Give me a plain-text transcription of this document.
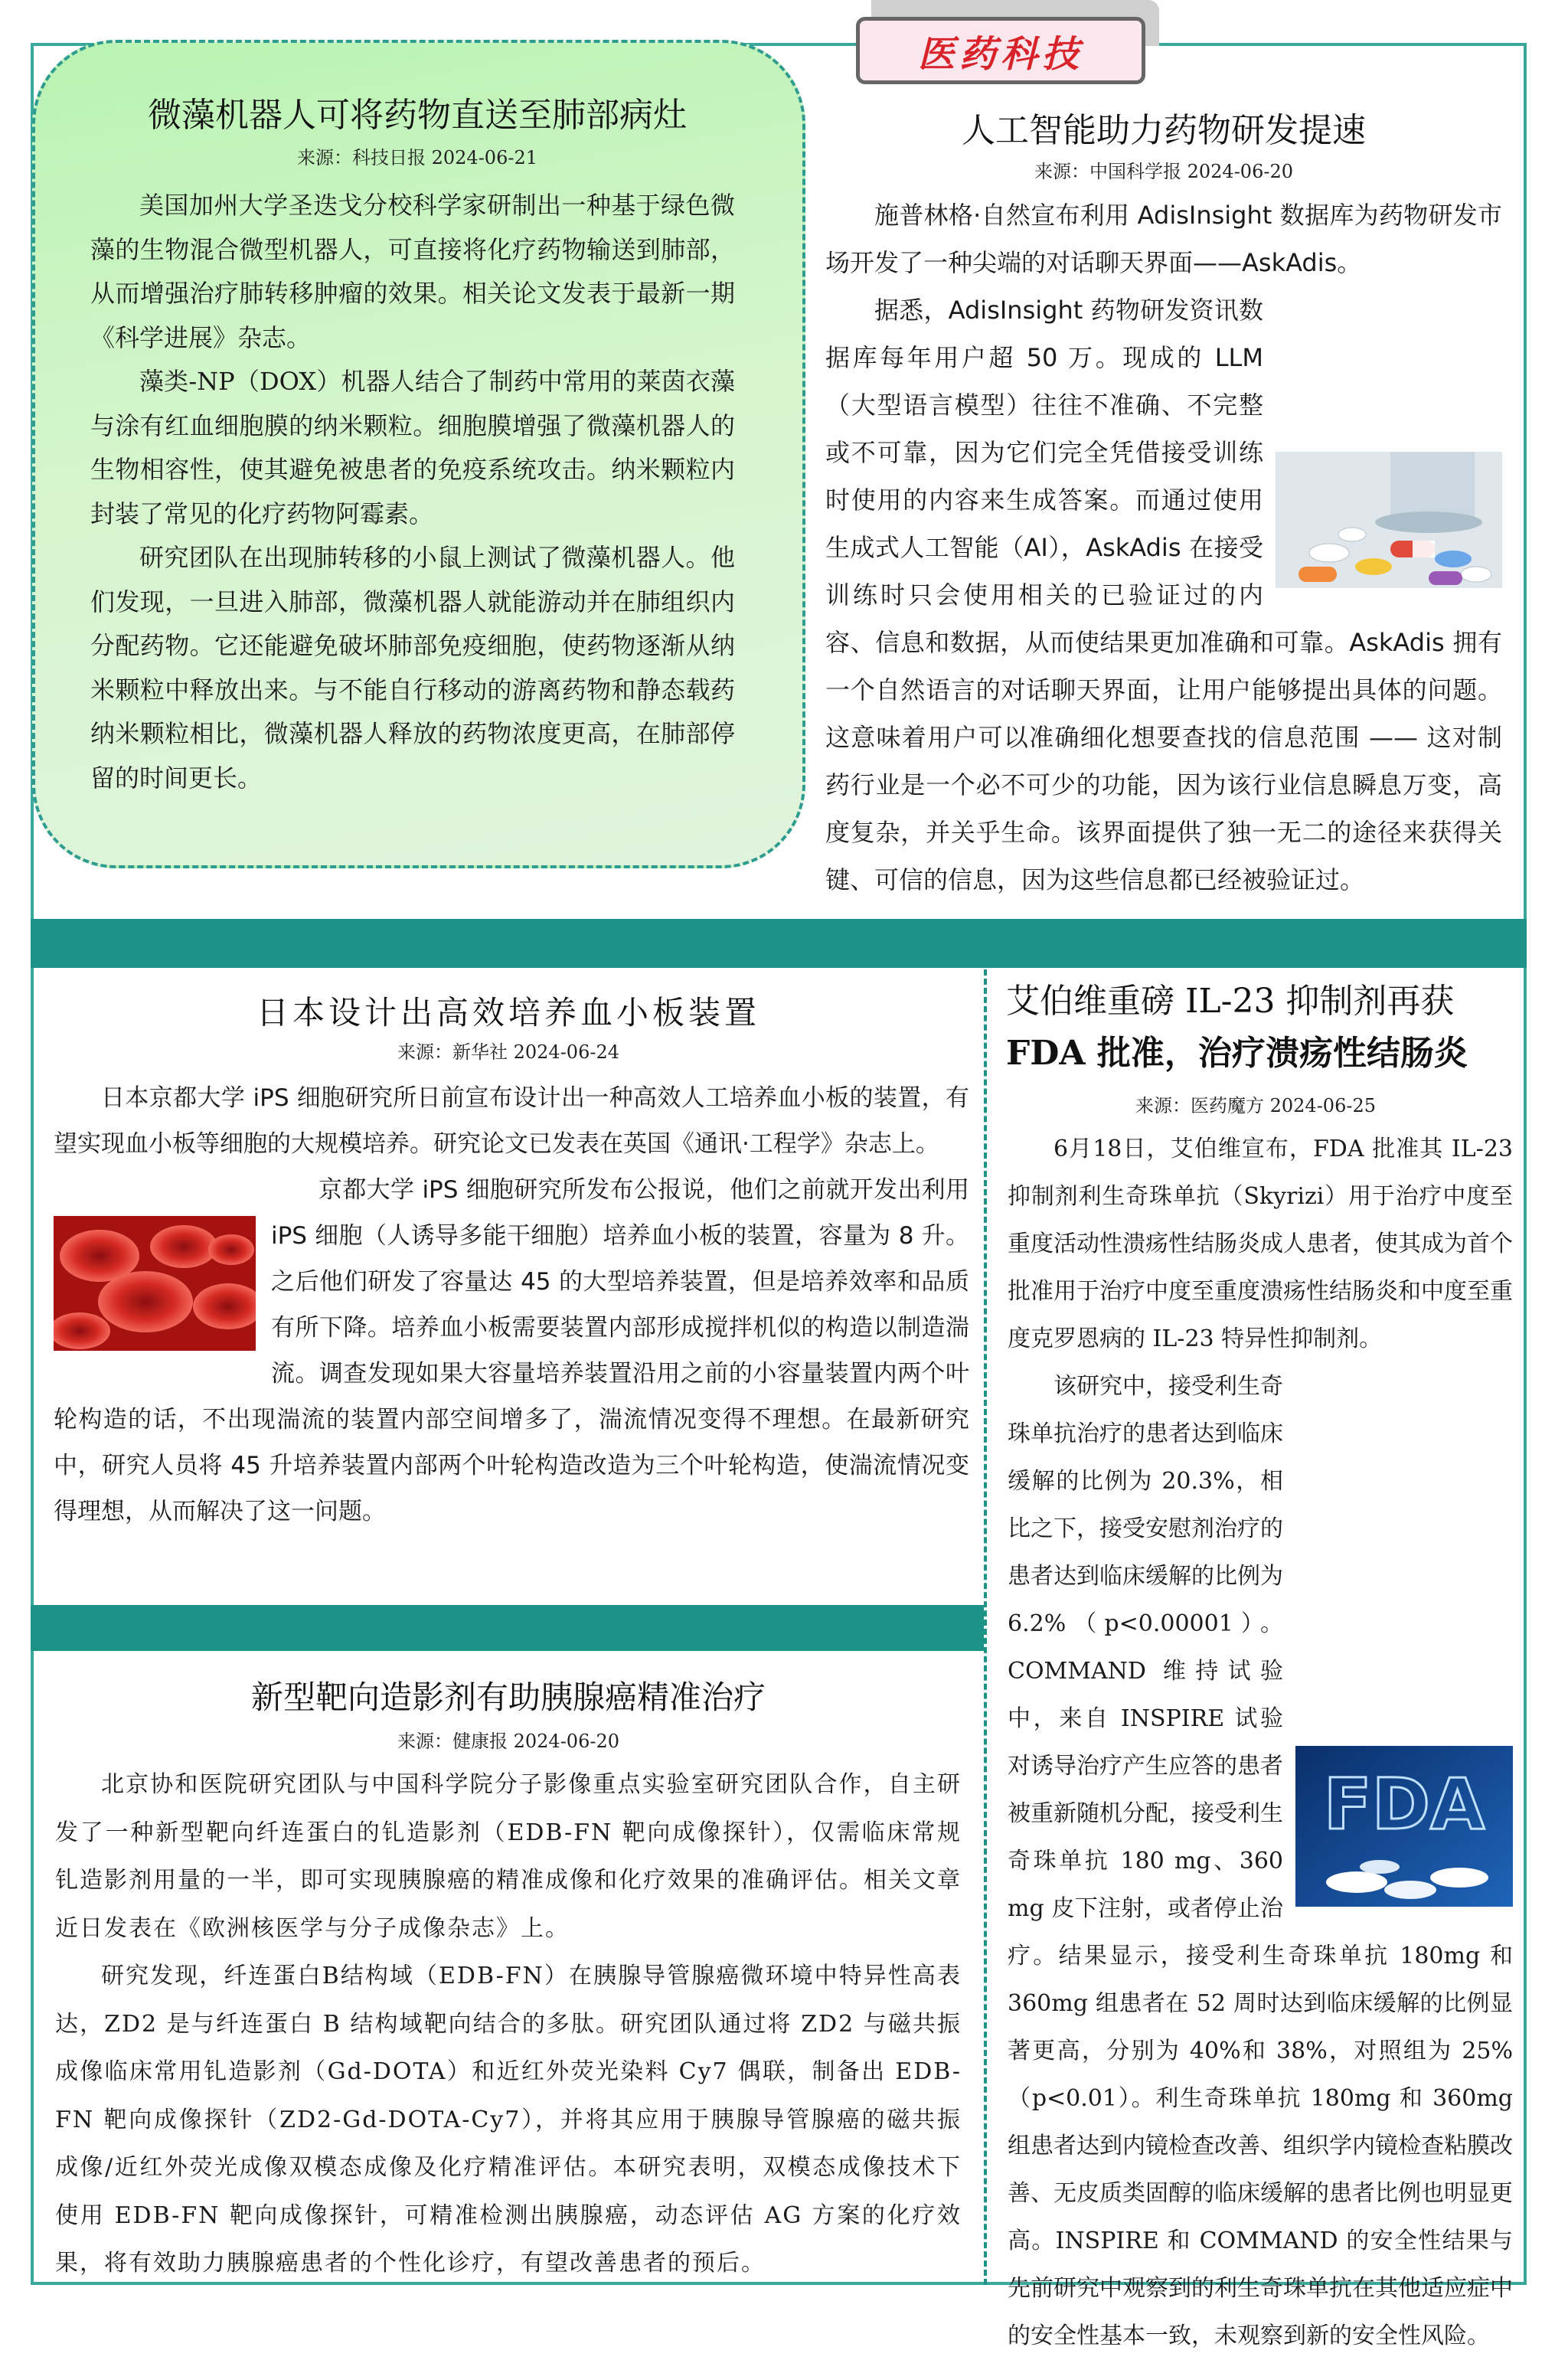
医药科技
微藻机器人可将药物直送至肺部病灶
来源：科技日报 2024-06-21

美国加州大学圣迭戈分校科学家研制出一种基于绿色微藻的生物混合微型机器人，可直接将化疗药物输送到肺部，从而增强治疗肺转移肿瘤的效果。相关论文发表于最新一期《科学进展》杂志。

藻类-NP（DOX）机器人结合了制药中常用的莱茵衣藻与涂有红血细胞膜的纳米颗粒。细胞膜增强了微藻机器人的生物相容性，使其避免被患者的免疫系统攻击。纳米颗粒内封装了常见的化疗药物阿霉素。

研究团队在出现肺转移的小鼠上测试了微藻机器人。他们发现，一旦进入肺部，微藻机器人就能游动并在肺组织内分配药物。它还能避免破坏肺部免疫细胞，使药物逐渐从纳米颗粒中释放出来。与不能自行移动的游离药物和静态载药纳米颗粒相比，微藻机器人释放的药物浓度更高，在肺部停留的时间更长。

人工智能助力药物研发提速
来源：中国科学报 2024-06-20

施普林格·自然宣布利用 AdisInsight 数据库为药物研发市场开发了一种尖端的对话聊天界面——AskAdis。

据悉，AdisInsight 药物研发资讯数据库每年用户超 50 万。现成的 LLM（大型语言模型）往往不准确、不完整或不可靠，因为它们完全凭借接受训练时使用的内容来生成答案。而通过使用生成式人工智能（AI），AskAdis 在接受训练时只会使用相关的已验证过的内容、信息和数据，从而使结果更加准确和可靠。AskAdis 拥有一个自然语言的对话聊天界面，让用户能够提出具体的问题。这意味着用户可以准确细化想要查找的信息范围 —— 这对制药行业是一个必不可少的功能，因为该行业信息瞬息万变，高度复杂，并关乎生命。该界面提供了独一无二的途径来获得关键、可信的信息，因为这些信息都已经被验证过。

日本设计出高效培养血小板装置
来源：新华社 2024-06-24

日本京都大学 iPS 细胞研究所日前宣布设计出一种高效人工培养血小板的装置，有望实现血小板等细胞的大规模培养。研究论文已发表在英国《通讯·工程学》杂志上。

京都大学 iPS 细胞研究所发布公报说，他们之前就开发出利用 iPS 细胞（人诱导多能干细胞）培养血小板的装置，容量为 8 升。之后他们研发了容量达 45 的大型培养装置，但是培养效率和品质有所下降。培养血小板需要装置内部形成搅拌机似的构造以制造湍流。调查发现如果大容量培养装置沿用之前的小容量装置内两个叶轮构造的话，不出现湍流的装置内部空间增多了，湍流情况变得不理想。在最新研究中，研究人员将 45 升培养装置内部两个叶轮构造改造为三个叶轮构造，使湍流情况变得理想，从而解决了这一问题。

新型靶向造影剂有助胰腺癌精准治疗
来源：健康报 2024-06-20

北京协和医院研究团队与中国科学院分子影像重点实验室研究团队合作，自主研发了一种新型靶向纤连蛋白的钆造影剂（EDB-FN 靶向成像探针），仅需临床常规钆造影剂用量的一半，即可实现胰腺癌的精准成像和化疗效果的准确评估。相关文章近日发表在《欧洲核医学与分子成像杂志》上。

研究发现，纤连蛋白B结构域（EDB-FN）在胰腺导管腺癌微环境中特异性高表达，ZD2 是与纤连蛋白 B 结构域靶向结合的多肽。研究团队通过将 ZD2 与磁共振成像临床常用钆造影剂（Gd-DOTA）和近红外荧光染料 Cy7 偶联，制备出 EDB-FN 靶向成像探针（ZD2-Gd-DOTA-Cy7），并将其应用于胰腺导管腺癌的磁共振成像/近红外荧光成像双模态成像及化疗精准评估。本研究表明，双模态成像技术下使用 EDB-FN 靶向成像探针，可精准检测出胰腺癌，动态评估 AG 方案的化疗效果，将有效助力胰腺癌患者的个性化诊疗，有望改善患者的预后。

艾伯维重磅 IL-23 抑制剂再获
FDA 批准，治疗溃疡性结肠炎
来源：医药魔方 2024-06-25

6月18日，艾伯维宣布，FDA 批准其 IL-23 抑制剂利生奇珠单抗（Skyrizi）用于治疗中度至重度活动性溃疡性结肠炎成人患者，使其成为首个批准用于治疗中度至重度溃疡性结肠炎和中度至重度克罗恩病的 IL-23 特异性抑制剂。

FDA

该研究中，接受利生奇珠单抗治疗的患者达到临床缓解的比例为 20.3%，相比之下，接受安慰剂治疗的患者达到临床缓解的比例为 6.2%（p<0.00001）。COMMAND 维持试验中，来自 INSPIRE 试验对诱导治疗产生应答的患者被重新随机分配，接受利生奇珠单抗 180 mg、360 mg 皮下注射，或者停止治疗。结果显示，接受利生奇珠单抗 180mg 和 360mg 组患者在 52 周时达到临床缓解的比例显著更高，分别为 40%和 38%，对照组为 25%（p<0.01）。利生奇珠单抗 180mg 和 360mg 组患者达到内镜检查改善、组织学内镜检查粘膜改善、无皮质类固醇的临床缓解的患者比例也明显更高。INSPIRE 和 COMMAND 的安全性结果与先前研究中观察到的利生奇珠单抗在其他适应症中的安全性基本一致，未观察到新的安全性风险。
